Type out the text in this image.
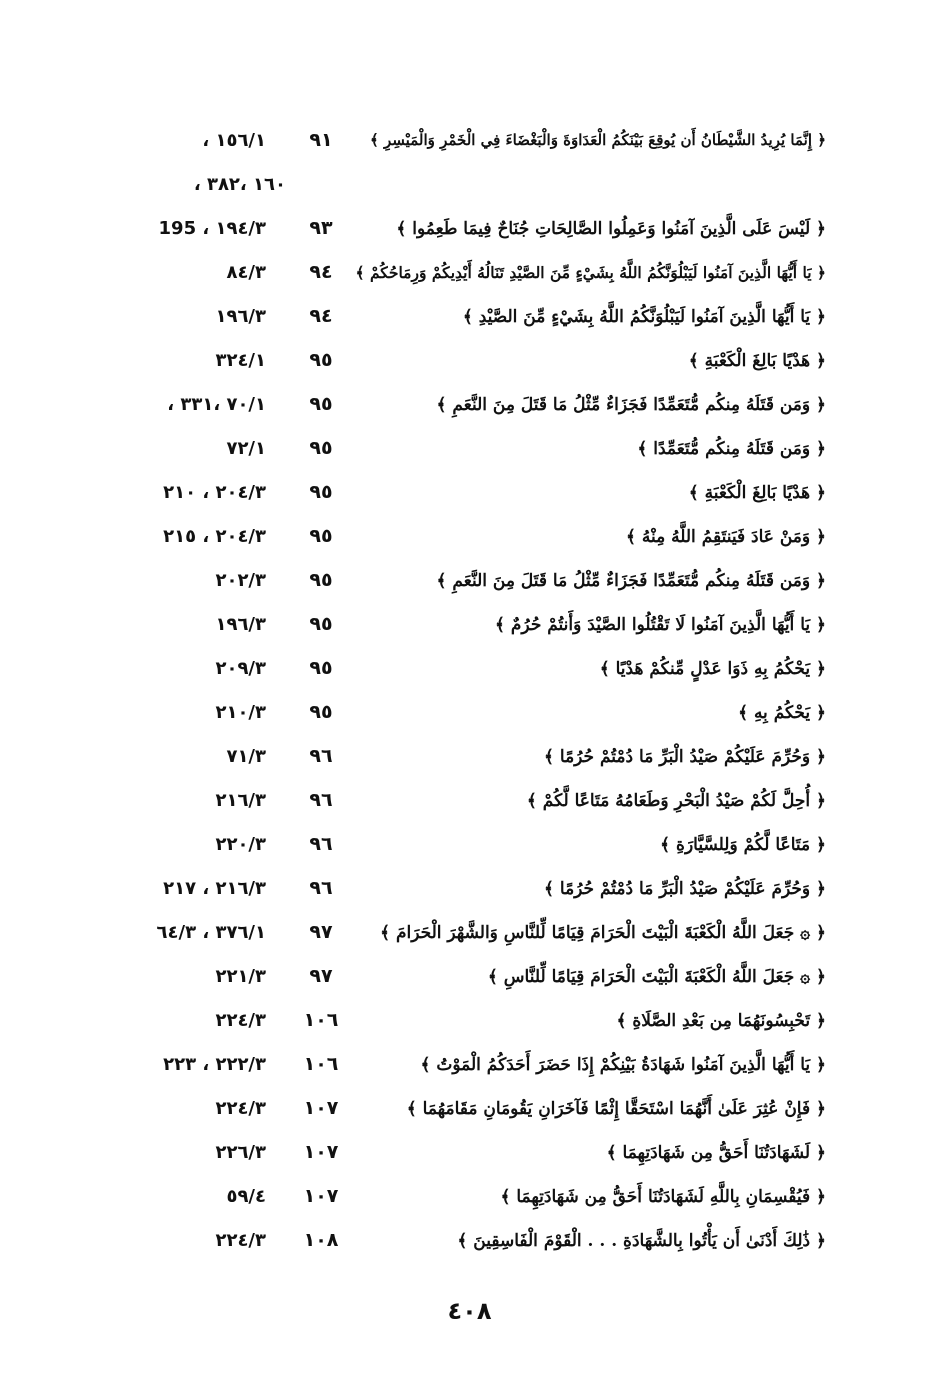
﴿ إِنَّمَا يُرِيدُ الشَّيْطَانُ أَن يُوقِعَ بَيْنَكُمُ الْعَدَاوَةَ وَالْبَغْضَاءَ فِي الْخَمْرِ وَالْمَيْسِرِ ﴾
٩١
١٥٦/١ ،
١٦٠ ،٣٨٢ ،
﴿ لَيْسَ عَلَى الَّذِينَ آمَنُوا وَعَمِلُوا الصَّالِحَاتِ جُنَاحٌ فِيمَا طَعِمُوا ﴾
٩٣
١٩٤/٣ ، 195
﴿ يَا أَيُّهَا الَّذِينَ آمَنُوا لَيَبْلُوَنَّكُمُ اللَّهُ بِشَيْءٍ مِّنَ الصَّيْدِ تَنَالُهُ أَيْدِيكُمْ وَرِمَاحُكُمْ ﴾
٩٤
٨٤/٣
﴿ يَا أَيُّهَا الَّذِينَ آمَنُوا لَيَبْلُوَنَّكُمُ اللَّهُ بِشَيْءٍ مِّنَ الصَّيْدِ ﴾
٩٤
١٩٦/٣
﴿ هَدْيًا بَالِغَ الْكَعْبَةِ ﴾
٩٥
٣٢٤/١
﴿ وَمَن قَتَلَهُ مِنكُم مُّتَعَمِّدًا فَجَزَاءٌ مِّثْلُ مَا قَتَلَ مِنَ النَّعَمِ ﴾
٩٥
٧٠/١ ،٣٣١ ،
﴿ وَمَن قَتَلَهُ مِنكُم مُّتَعَمِّدًا ﴾
٩٥
٧٢/١
﴿ هَدْيًا بَالِغَ الْكَعْبَةِ ﴾
٩٥
٢٠٤/٣ ، ٢١٠
﴿ وَمَنْ عَادَ فَيَنتَقِمُ اللَّهُ مِنْهُ ﴾
٩٥
٢٠٤/٣ ، ٢١٥
﴿ وَمَن قَتَلَهُ مِنكُم مُّتَعَمِّدًا فَجَزَاءٌ مِّثْلُ مَا قَتَلَ مِنَ النَّعَمِ ﴾
٩٥
٢٠٢/٣
﴿ يَا أَيُّهَا الَّذِينَ آمَنُوا لَا تَقْتُلُوا الصَّيْدَ وَأَنتُمْ حُرُمٌ ﴾
٩٥
١٩٦/٣
﴿ يَحْكُمُ بِهِ ذَوَا عَدْلٍ مِّنكُمْ هَدْيًا ﴾
٩٥
٢٠٩/٣
﴿ يَحْكُمُ بِهِ ﴾
٩٥
٢١٠/٣
﴿ وَحُرِّمَ عَلَيْكُمْ صَيْدُ الْبَرِّ مَا دُمْتُمْ حُرُمًا ﴾
٩٦
٧١/٣
﴿ أُحِلَّ لَكُمْ صَيْدُ الْبَحْرِ وَطَعَامُهُ مَتَاعًا لَّكُمْ ﴾
٩٦
٢١٦/٣
﴿ مَتَاعًا لَّكُمْ وَلِلسَّيَّارَةِ ﴾
٩٦
٢٢٠/٣
﴿ وَحُرِّمَ عَلَيْكُمْ صَيْدُ الْبَرِّ مَا دُمْتُمْ حُرُمًا ﴾
٩٦
٢١٦/٣ ، ٢١٧
﴿ ۞ جَعَلَ اللَّهُ الْكَعْبَةَ الْبَيْتَ الْحَرَامَ قِيَامًا لِّلنَّاسِ وَالشَّهْرَ الْحَرَامَ ﴾
٩٧
٣٧٦/١ ، ٦٤/٣
﴿ ۞ جَعَلَ اللَّهُ الْكَعْبَةَ الْبَيْتَ الْحَرَامَ قِيَامًا لِّلنَّاسِ ﴾
٩٧
٢٢١/٣
﴿ تَحْبِسُونَهُمَا مِن بَعْدِ الصَّلَاةِ ﴾
١٠٦
٢٢٤/٣
﴿ يَا أَيُّهَا الَّذِينَ آمَنُوا شَهَادَةُ بَيْنِكُمْ إِذَا حَضَرَ أَحَدَكُمُ الْمَوْتُ ﴾
١٠٦
٢٢٢/٣ ، ٢٢٣
﴿ فَإِنْ عُثِرَ عَلَىٰ أَنَّهُمَا اسْتَحَقَّا إِثْمًا فَآخَرَانِ يَقُومَانِ مَقَامَهُمَا ﴾
١٠٧
٢٢٤/٣
﴿ لَشَهَادَتُنَا أَحَقُّ مِن شَهَادَتِهِمَا ﴾
١٠٧
٢٢٦/٣
﴿ فَيُقْسِمَانِ بِاللَّهِ لَشَهَادَتُنَا أَحَقُّ مِن شَهَادَتِهِمَا ﴾
١٠٧
٥٩/٤
﴿ ذَٰلِكَ أَدْنَىٰ أَن يَأْتُوا بِالشَّهَادَةِ . . . الْقَوْمَ الْفَاسِقِينَ ﴾
١٠٨
٢٢٤/٣
٤٠٨
